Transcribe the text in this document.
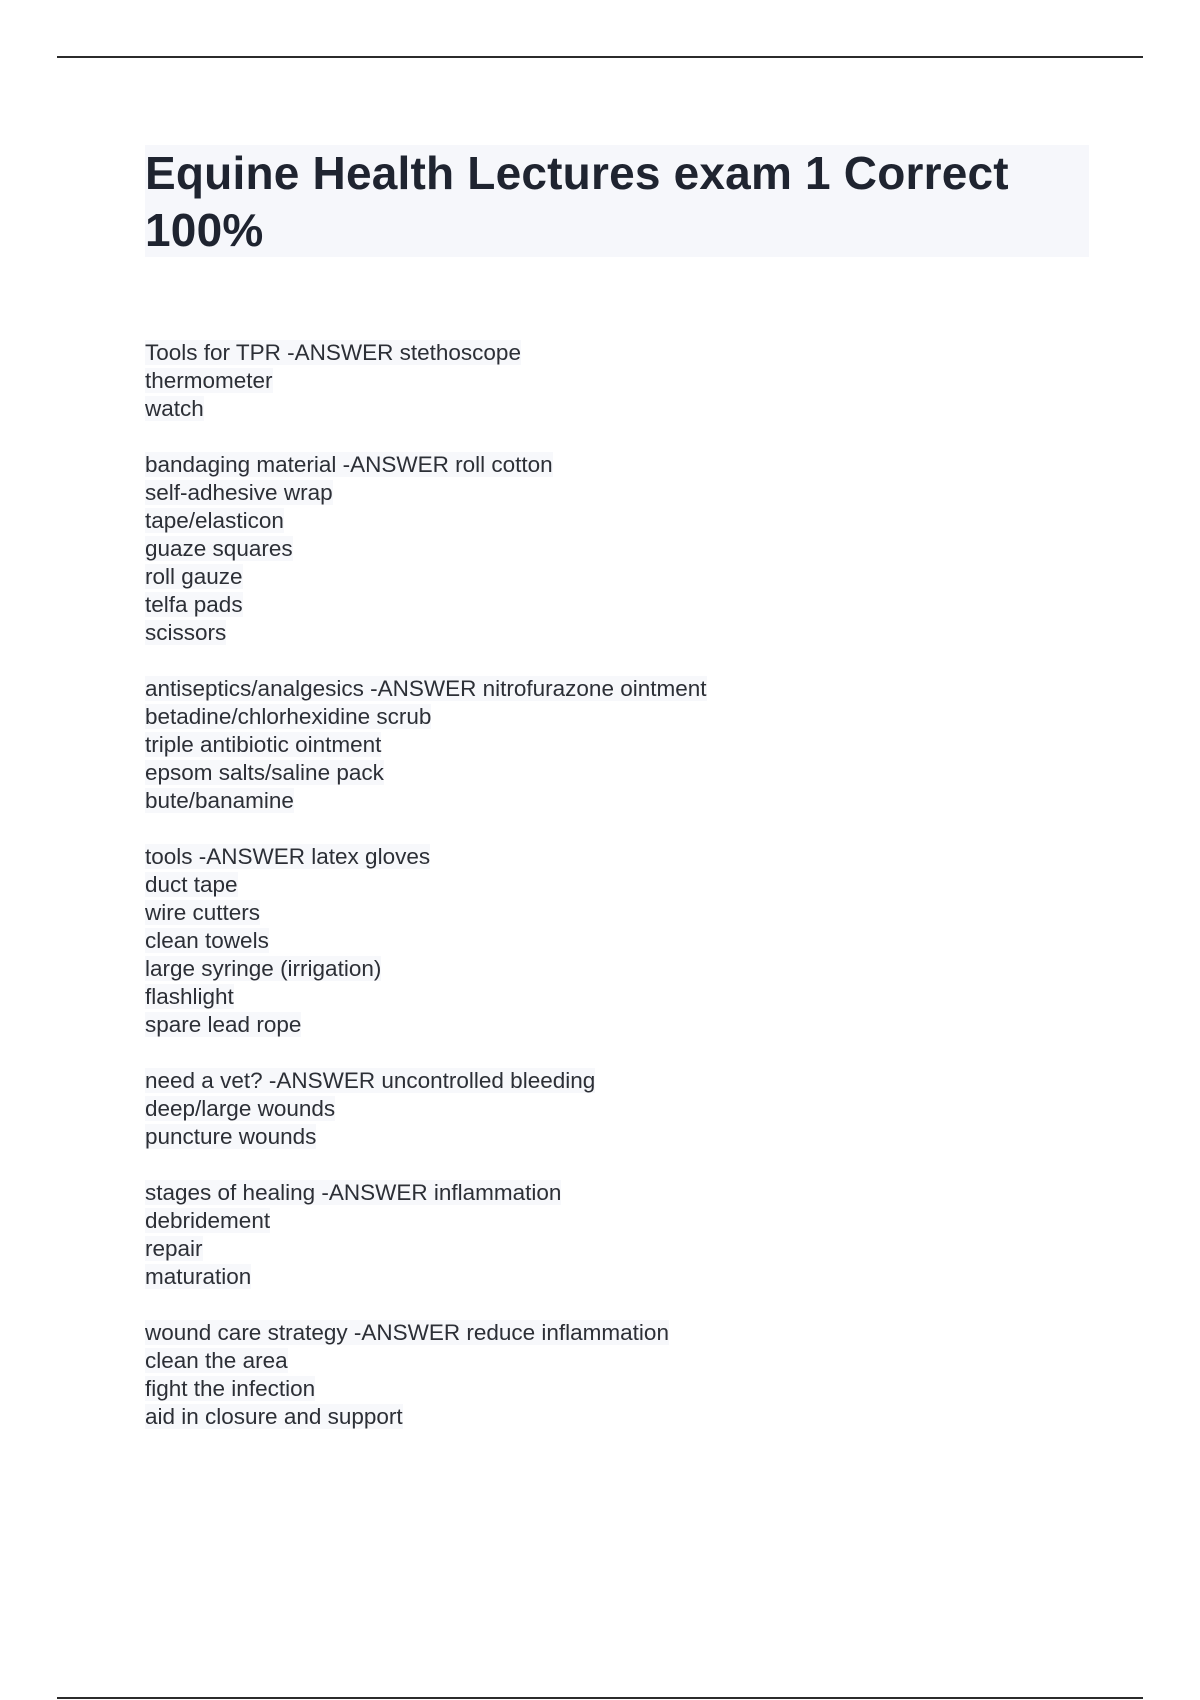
Equine Health Lectures exam 1 Correct 100%
Tools for TPR -ANSWER stethoscope
thermometer
watch
bandaging material -ANSWER roll cotton
self-adhesive wrap
tape/elasticon
guaze squares
roll gauze
telfa pads
scissors
antiseptics/analgesics -ANSWER nitrofurazone ointment
betadine/chlorhexidine scrub
triple antibiotic ointment
epsom salts/saline pack
bute/banamine
tools -ANSWER latex gloves
duct tape
wire cutters
clean towels
large syringe (irrigation)
flashlight
spare lead rope
need a vet? -ANSWER uncontrolled bleeding
deep/large wounds
puncture wounds
stages of healing -ANSWER inflammation
debridement
repair
maturation
wound care strategy -ANSWER reduce inflammation
clean the area
fight the infection
aid in closure and support
